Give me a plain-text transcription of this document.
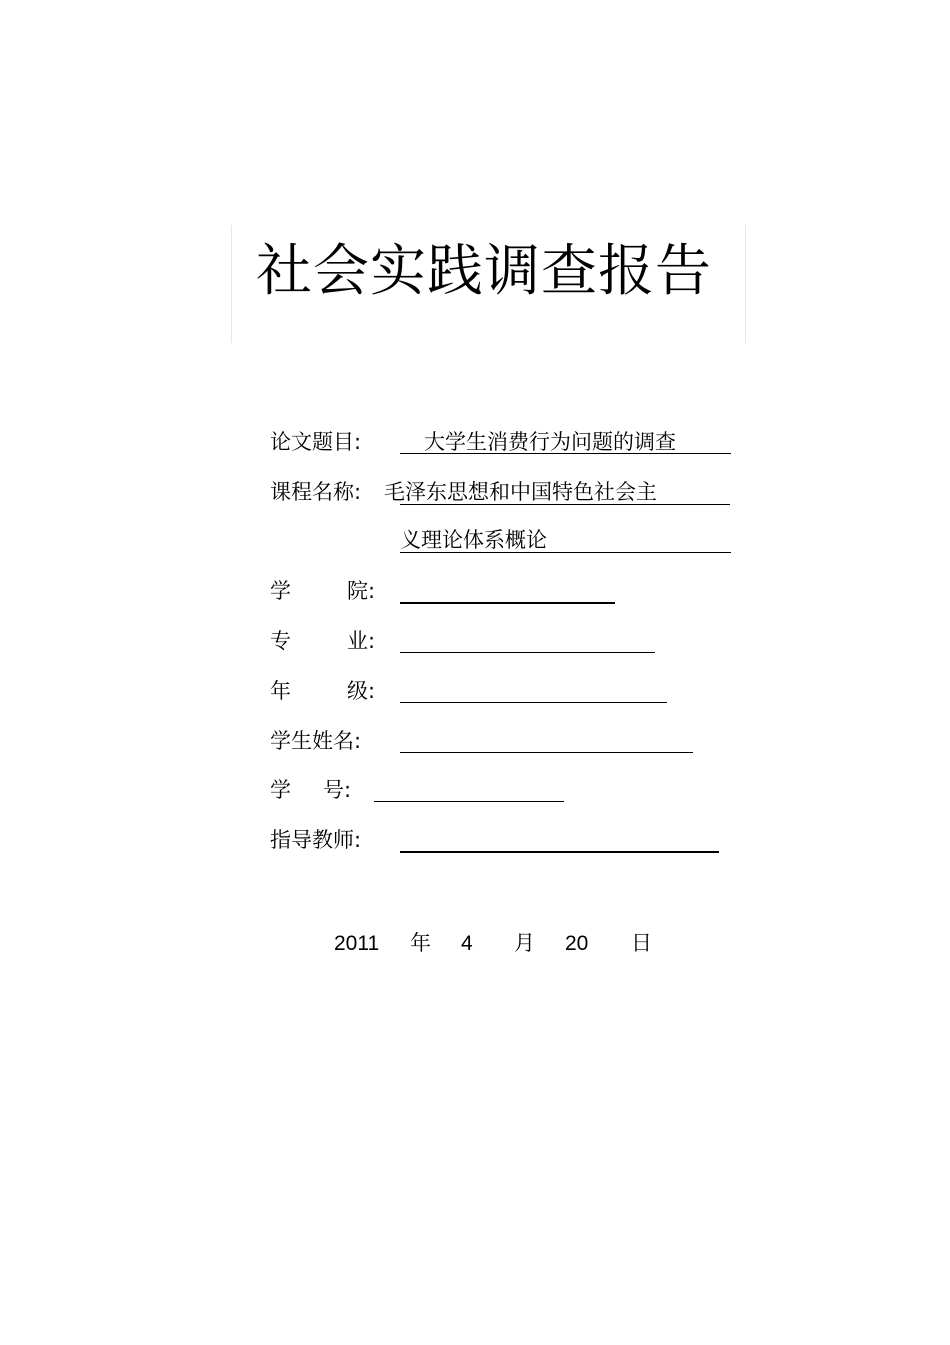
社会实践调查报告
论文题目:	大学生消费行为问题的调查
课程名称: 毛泽东思想和中国特色社会主
义理论体系概论
学	院:
专	业:
年	级:
学生姓名:
学 号:
指导教师:
2011 年 4 月 20 日
